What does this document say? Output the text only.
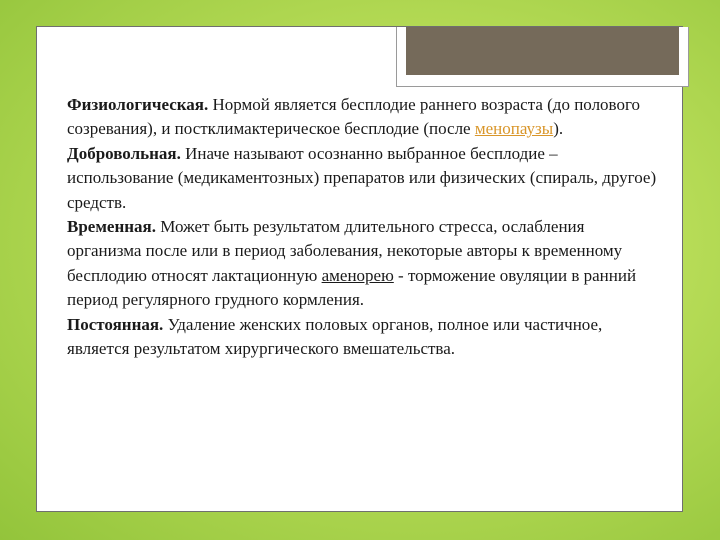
Физиологическая. Нормой является бесплодие раннего возраста (до полового созревания), и постклимактерическое бесплодие (после менопаузы).

Добровольная. Иначе называют осознанно выбранное бесплодие – использование (медикаментозных) препаратов или физических (спираль, другое) средств.

Временная. Может быть результатом длительного стресса, ослабления организма после или в период заболевания, некоторые авторы к временному бесплодию относят лактационную аменорею - торможение овуляции в ранний период регулярного грудного кормления.

Постоянная. Удаление женских половых органов, полное или частичное, является результатом хирургического вмешательства.
